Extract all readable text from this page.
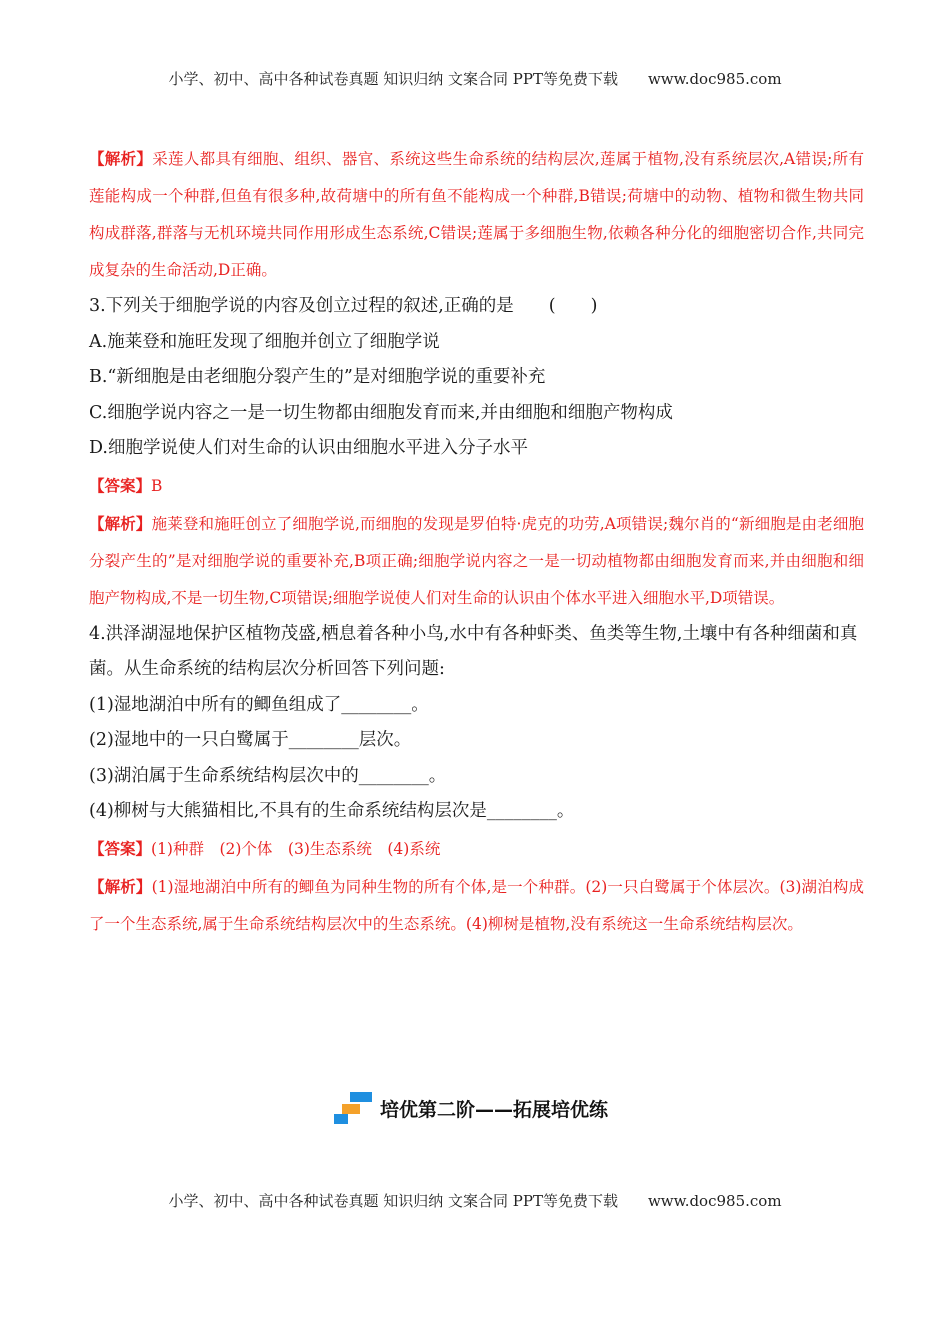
小学、初中、高中各种试卷真题 知识归纳 文案合同 PPT等免费下载 www.doc985.com

【解析】采莲人都具有细胞、组织、器官、系统这些生命系统的结构层次,莲属于植物,没有系统层次,A错误;所有莲能构成一个种群,但鱼有很多种,故荷塘中的所有鱼不能构成一个种群,B错误;荷塘中的动物、植物和微生物共同构成群落,群落与无机环境共同作用形成生态系统,C错误;莲属于多细胞生物,依赖各种分化的细胞密切合作,共同完成复杂的生命活动,D正确。

3.下列关于细胞学说的内容及创立过程的叙述,正确的是　　(　　)

A.施莱登和施旺发现了细胞并创立了细胞学说

B.“新细胞是由老细胞分裂产生的”是对细胞学说的重要补充

C.细胞学说内容之一是一切生物都由细胞发育而来,并由细胞和细胞产物构成

D.细胞学说使人们对生命的认识由细胞水平进入分子水平

【答案】B

【解析】施莱登和施旺创立了细胞学说,而细胞的发现是罗伯特·虎克的功劳,A项错误;魏尔肖的“新细胞是由老细胞分裂产生的”是对细胞学说的重要补充,B项正确;细胞学说内容之一是一切动植物都由细胞发育而来,并由细胞和细胞产物构成,不是一切生物,C项错误;细胞学说使人们对生命的认识由个体水平进入细胞水平,D项错误。

4.洪泽湖湿地保护区植物茂盛,栖息着各种小鸟,水中有各种虾类、鱼类等生物,土壤中有各种细菌和真菌。从生命系统的结构层次分析回答下列问题:

(1)湿地湖泊中所有的鲫鱼组成了________。

(2)湿地中的一只白鹭属于________层次。

(3)湖泊属于生命系统结构层次中的________。

(4)柳树与大熊猫相比,不具有的生命系统结构层次是________。

【答案】(1)种群　(2)个体　(3)生态系统　(4)系统

【解析】(1)湿地湖泊中所有的鲫鱼为同种生物的所有个体,是一个种群。(2)一只白鹭属于个体层次。(3)湖泊构成了一个生态系统,属于生命系统结构层次中的生态系统。(4)柳树是植物,没有系统这一生命系统结构层次。

培优第二阶——拓展培优练
小学、初中、高中各种试卷真题 知识归纳 文案合同 PPT等免费下载 www.doc985.com
